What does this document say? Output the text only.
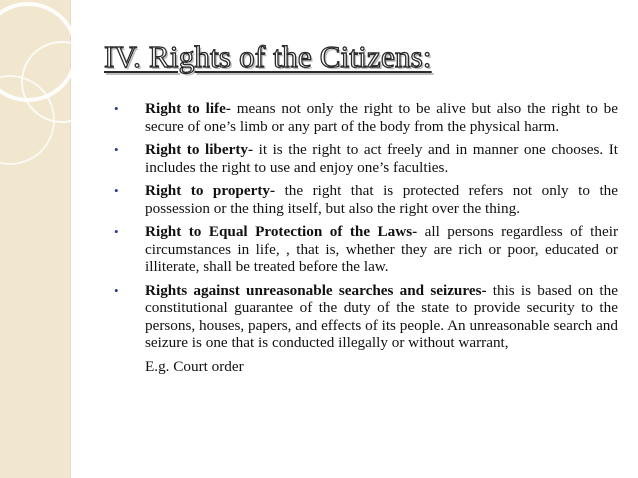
IV. Rights of the Citizens:
• Right to life- means not only the right to be alive but also the right to be secure of one’s limb or any part of the body from the physical harm.
• Right to liberty- it is the right to act freely and in manner one chooses. It includes the right to use and enjoy one’s faculties.
• Right to property- the right that is protected refers not only to the possession or the thing itself, but also the right over the thing.
• Right to Equal Protection of the Laws- all persons regardless of their circumstances in life, , that is, whether they are rich or poor, educated or illiterate, shall be treated before the law.
• Rights against unreasonable searches and seizures- this is based on the constitutional guarantee of the duty of the state to provide security to the persons, houses, papers, and effects of its people. An unreasonable search and seizure is one that is conducted illegally or without warrant,
E.g. Court order
